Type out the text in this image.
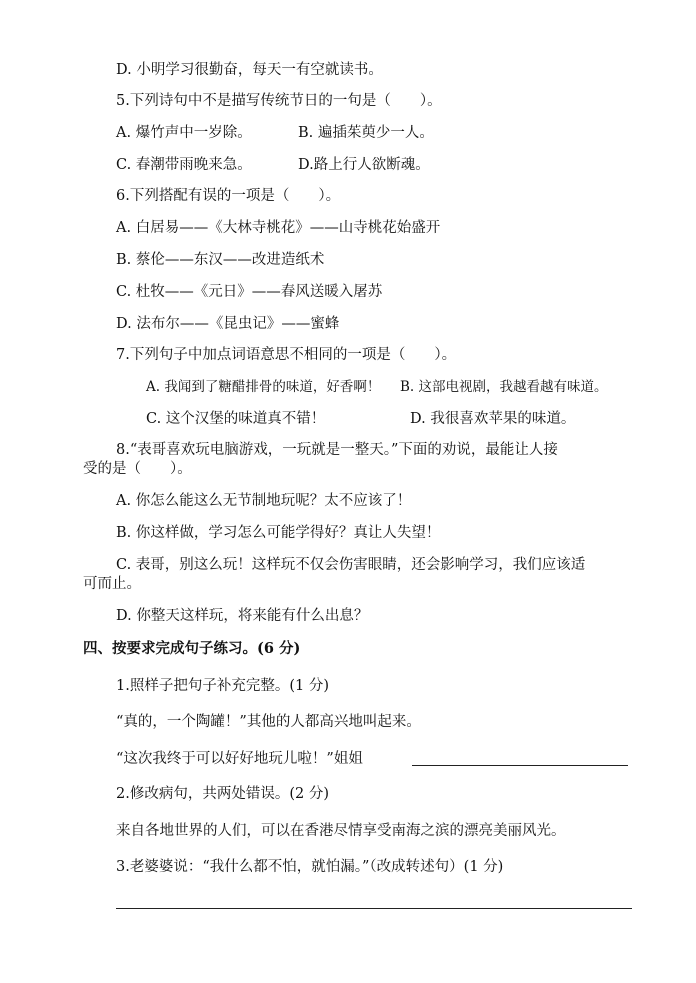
D. 小明学习很勤奋，每天一有空就读书。
5.下列诗句中不是描写传统节日的一句是（　　）。
A. 爆竹声中一岁除。	B. 遍插茱萸少一人。
C. 春潮带雨晚来急。	D.路上行人欲断魂。
6.下列搭配有误的一项是（　　）。
A. 白居易——《大林寺桃花》——山寺桃花始盛开
B. 蔡伦——东汉——改进造纸术
C. 杜牧——《元日》——春风送暖入屠苏
D. 法布尔——《昆虫记》——蜜蜂
7.下列句子中加点词语意思不相同的一项是（　　）。
A. 我闻到了糖醋排骨的味道，好香啊！ B. 这部电视剧，我越看越有味道。
C. 这个汉堡的味道真不错！	D. 我很喜欢苹果的味道。
8.“表哥喜欢玩电脑游戏，一玩就是一整天。”下面的劝说，最能让人接
受的是（　　）。
A. 你怎么能这么无节制地玩呢？太不应该了！
B. 你这样做，学习怎么可能学得好？真让人失望！
C. 表哥，别这么玩！这样玩不仅会伤害眼睛，还会影响学习，我们应该适
可而止。
D. 你整天这样玩，将来能有什么出息？
四、按要求完成句子练习。(6 分)
1.照样子把句子补充完整。(1 分)
“真的，一个陶罐！”其他的人都高兴地叫起来。
“这次我终于可以好好地玩儿啦！”姐姐
2.修改病句，共两处错误。(2 分)
来自各地世界的人们，可以在香港尽情享受南海之滨的漂亮美丽风光。
3.老婆婆说：“我什么都不怕，就怕漏。”（改成转述句）(1 分)
